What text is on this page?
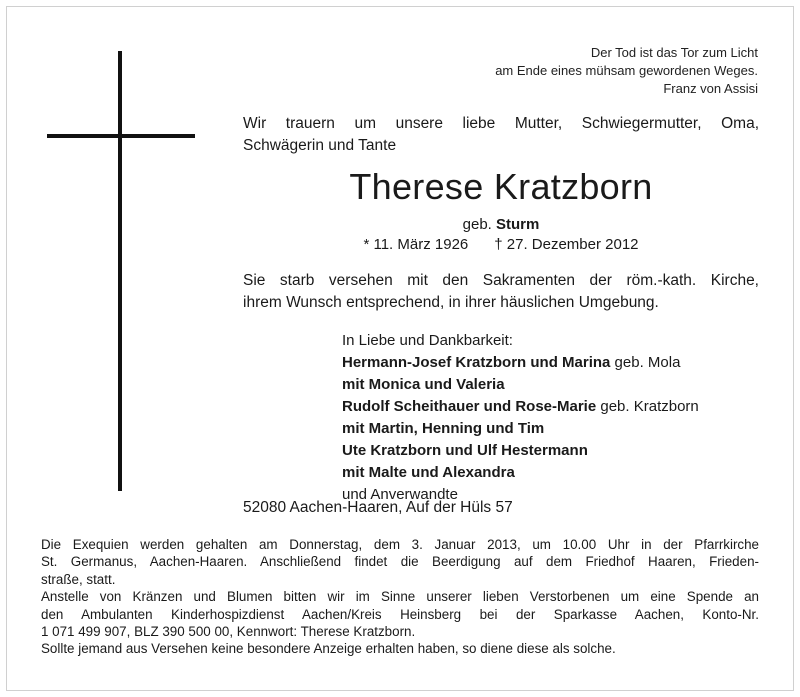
Der Tod ist das Tor zum Licht
am Ende eines mühsam gewordenen Weges.
Franz von Assisi
Wir trauern um unsere liebe Mutter, Schwiegermutter, Oma,
Schwägerin und Tante
Therese Kratzborn
geb. Sturm
* 11. März 1926 † 27. Dezember 2012
Sie starb versehen mit den Sakramenten der röm.-kath. Kirche,
ihrem Wunsch entsprechend, in ihrer häuslichen Umgebung.
In Liebe und Dankbarkeit:
Hermann-Josef Kratzborn und Marina geb. Mola
mit Monica und Valeria
Rudolf Scheithauer und Rose-Marie geb. Kratzborn
mit Martin, Henning und Tim
Ute Kratzborn und Ulf Hestermann
mit Malte und Alexandra
und Anverwandte
52080 Aachen-Haaren, Auf der Hüls 57
Die Exequien werden gehalten am Donnerstag, dem 3. Januar 2013, um 10.00 Uhr in der Pfarrkirche
St. Germanus, Aachen-Haaren. Anschließend findet die Beerdigung auf dem Friedhof Haaren, Frieden-
straße, statt.
Anstelle von Kränzen und Blumen bitten wir im Sinne unserer lieben Verstorbenen um eine Spende an
den Ambulanten Kinderhospizdienst Aachen/Kreis Heinsberg bei der Sparkasse Aachen, Konto-Nr.
1 071 499 907, BLZ 390 500 00, Kennwort: Therese Kratzborn.
Sollte jemand aus Versehen keine besondere Anzeige erhalten haben, so diene diese als solche.
